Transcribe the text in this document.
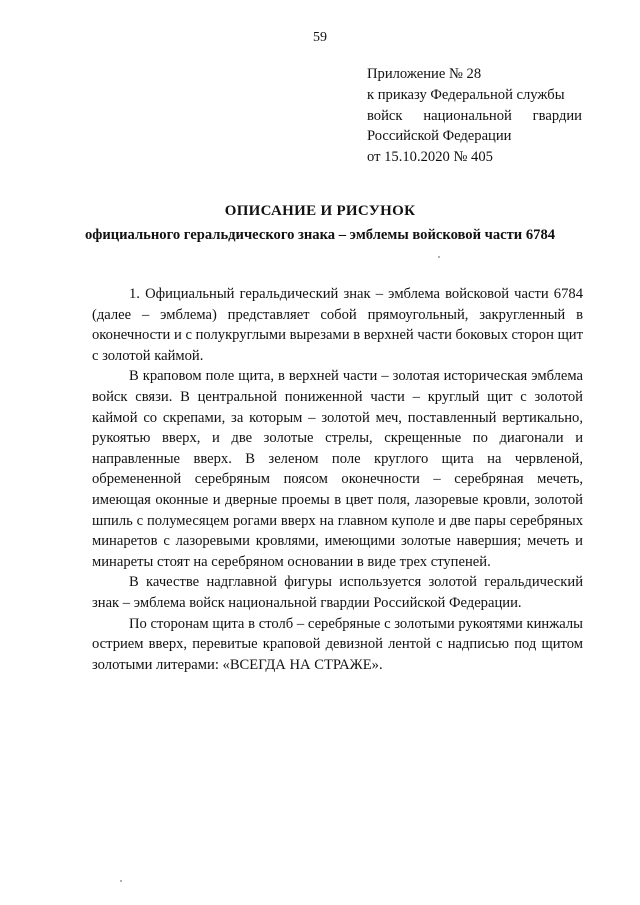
59
Приложение № 28
к приказу Федеральной службы
войск национальной гвардии
Российской Федерации
от 15.10.2020 № 405
ОПИСАНИЕ И РИСУНОК
официального геральдического знака – эмблемы войсковой части 6784

1. Официальный геральдический знак – эмблема войсковой части 6784 (далее – эмблема) представляет собой прямоугольный, закругленный в оконечности и с полукруглыми вырезами в верхней части боковых сторон щит с золотой каймой.

В краповом поле щита, в верхней части – золотая историческая эмблема войск связи. В центральной пониженной части – круглый щит с золотой каймой со скрепами, за которым – золотой меч, поставленный вертикально, рукоятью вверх, и две золотые стрелы, скрещенные по диагонали и направленные вверх. В зеленом поле круглого щита на червленой, обремененной серебряным поясом оконечности – серебряная мечеть, имеющая оконные и дверные проемы в цвет поля, лазоревые кровли, золотой шпиль с полумесяцем рогами вверх на главном куполе и две пары серебряных минаретов с лазоревыми кровлями, имеющими золотые навершия; мечеть и минареты стоят на серебряном основании в виде трех ступеней.

В качестве надглавной фигуры используется золотой геральдический знак – эмблема войск национальной гвардии Российской Федерации.

По сторонам щита в столб – серебряные с золотыми рукоятями кинжалы острием вверх, перевитые краповой девизной лентой с надписью под щитом золотыми литерами: «ВСЕГДА НА СТРАЖЕ».
